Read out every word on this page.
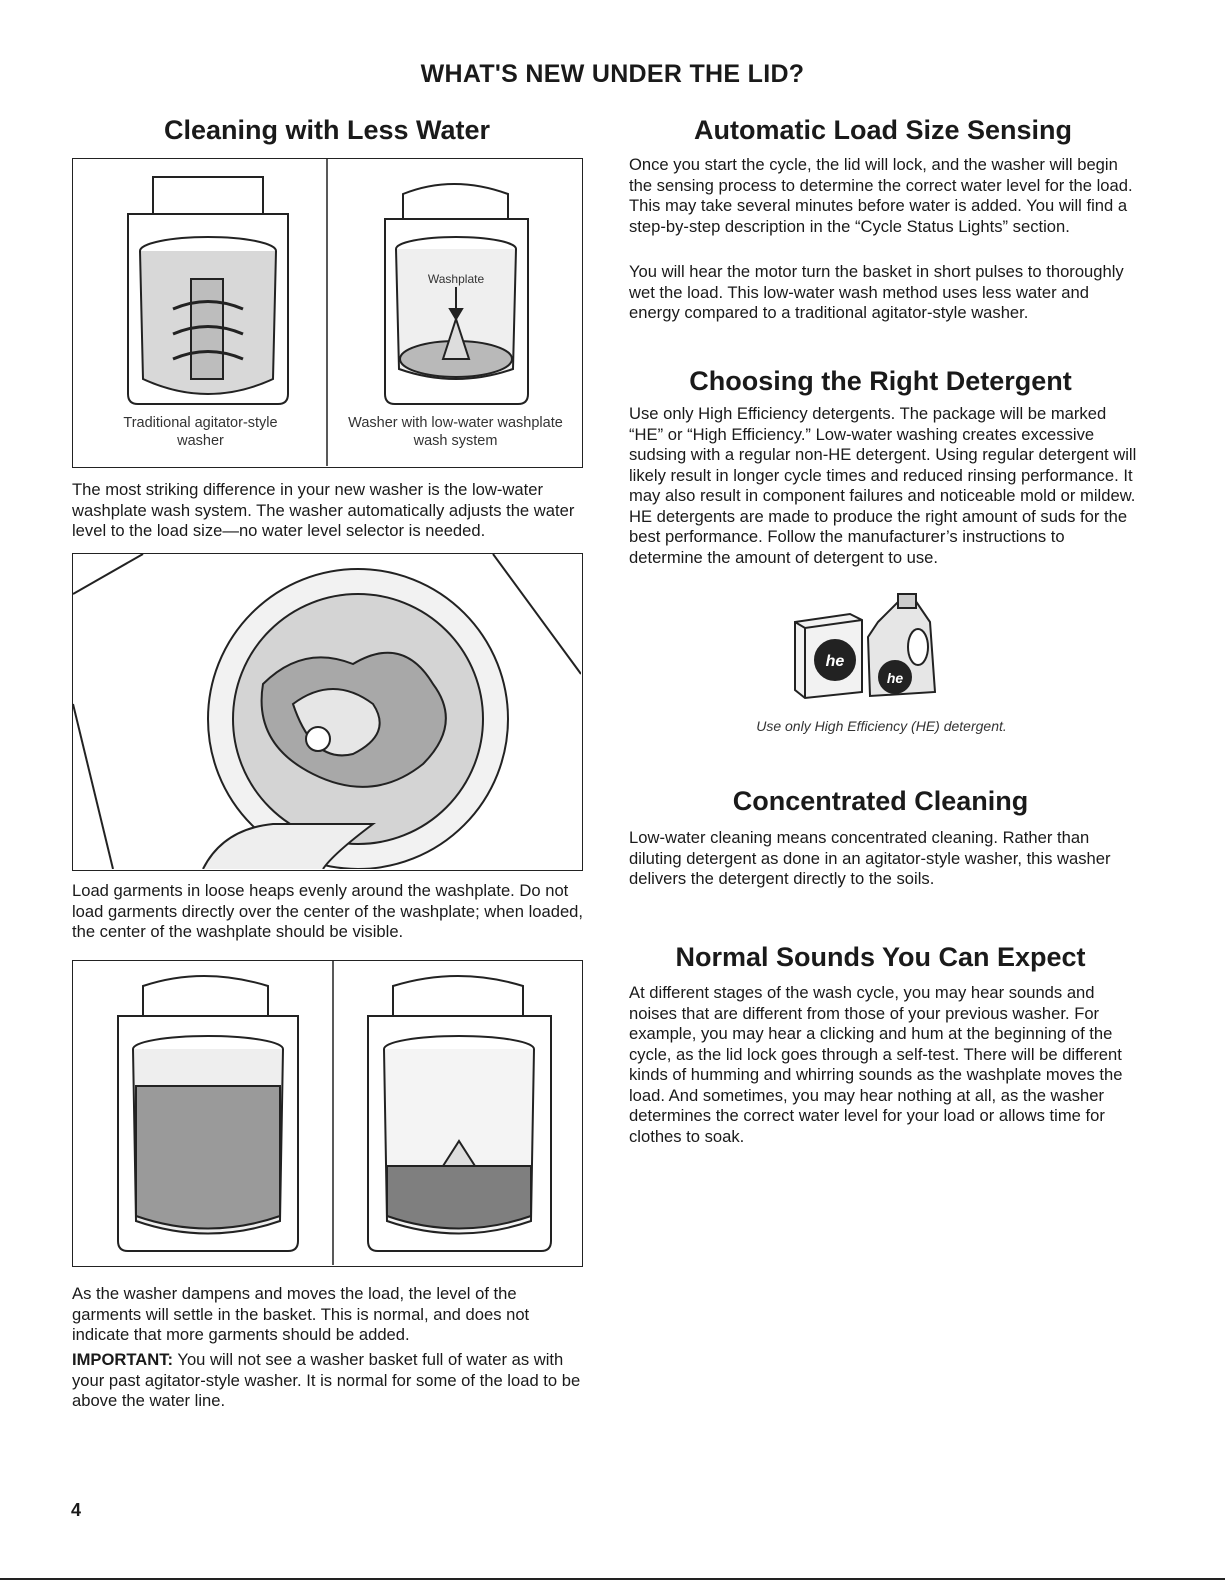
WHAT'S NEW UNDER THE LID?
Cleaning with Less Water
Washplate
Traditional agitator-style washer
Washer with low-water washplate wash system

The most striking difference in your new washer is the low-water washplate wash system. The washer automatically adjusts the water level to the load size—no water level selector is needed.

Load garments in loose heaps evenly around the washplate. Do not load garments directly over the center of the washplate; when loaded, the center of the washplate should be visible.

As the washer dampens and moves the load, the level of the garments will settle in the basket. This is normal, and does not indicate that more garments should be added.

IMPORTANT: You will not see a washer basket full of water as with your past agitator-style washer. It is normal for some of the load to be above the water line.

Automatic Load Size Sensing

Once you start the cycle, the lid will lock, and the washer will begin the sensing process to determine the correct water level for the load. This may take several minutes before water is added. You will find a step-by-step description in the “Cycle Status Lights” section.

You will hear the motor turn the basket in short pulses to thoroughly wet the load. This low-water wash method uses less water and energy compared to a traditional agitator-style washer.

Choosing the Right Detergent

Use only High Efficiency detergents. The package will be marked “HE” or “High Efficiency.” Low-water washing creates excessive sudsing with a regular non-HE detergent. Using regular detergent will likely result in longer cycle times and reduced rinsing performance. It may also result in component failures and noticeable mold or mildew. HE detergents are made to produce the right amount of suds for the best performance. Follow the manufacturer’s instructions to determine the amount of detergent to use.

he
he
Use only High Efficiency (HE) detergent.
Concentrated Cleaning

Low-water cleaning means concentrated cleaning. Rather than diluting detergent as done in an agitator-style washer, this washer delivers the detergent directly to the soils.

Normal Sounds You Can Expect

At different stages of the wash cycle, you may hear sounds and noises that are different from those of your previous washer. For example, you may hear a clicking and hum at the beginning of the cycle, as the lid lock goes through a self-test. There will be different kinds of humming and whirring sounds as the washplate moves the load. And sometimes, you may hear nothing at all, as the washer determines the correct water level for your load or allows time for clothes to soak.

4
